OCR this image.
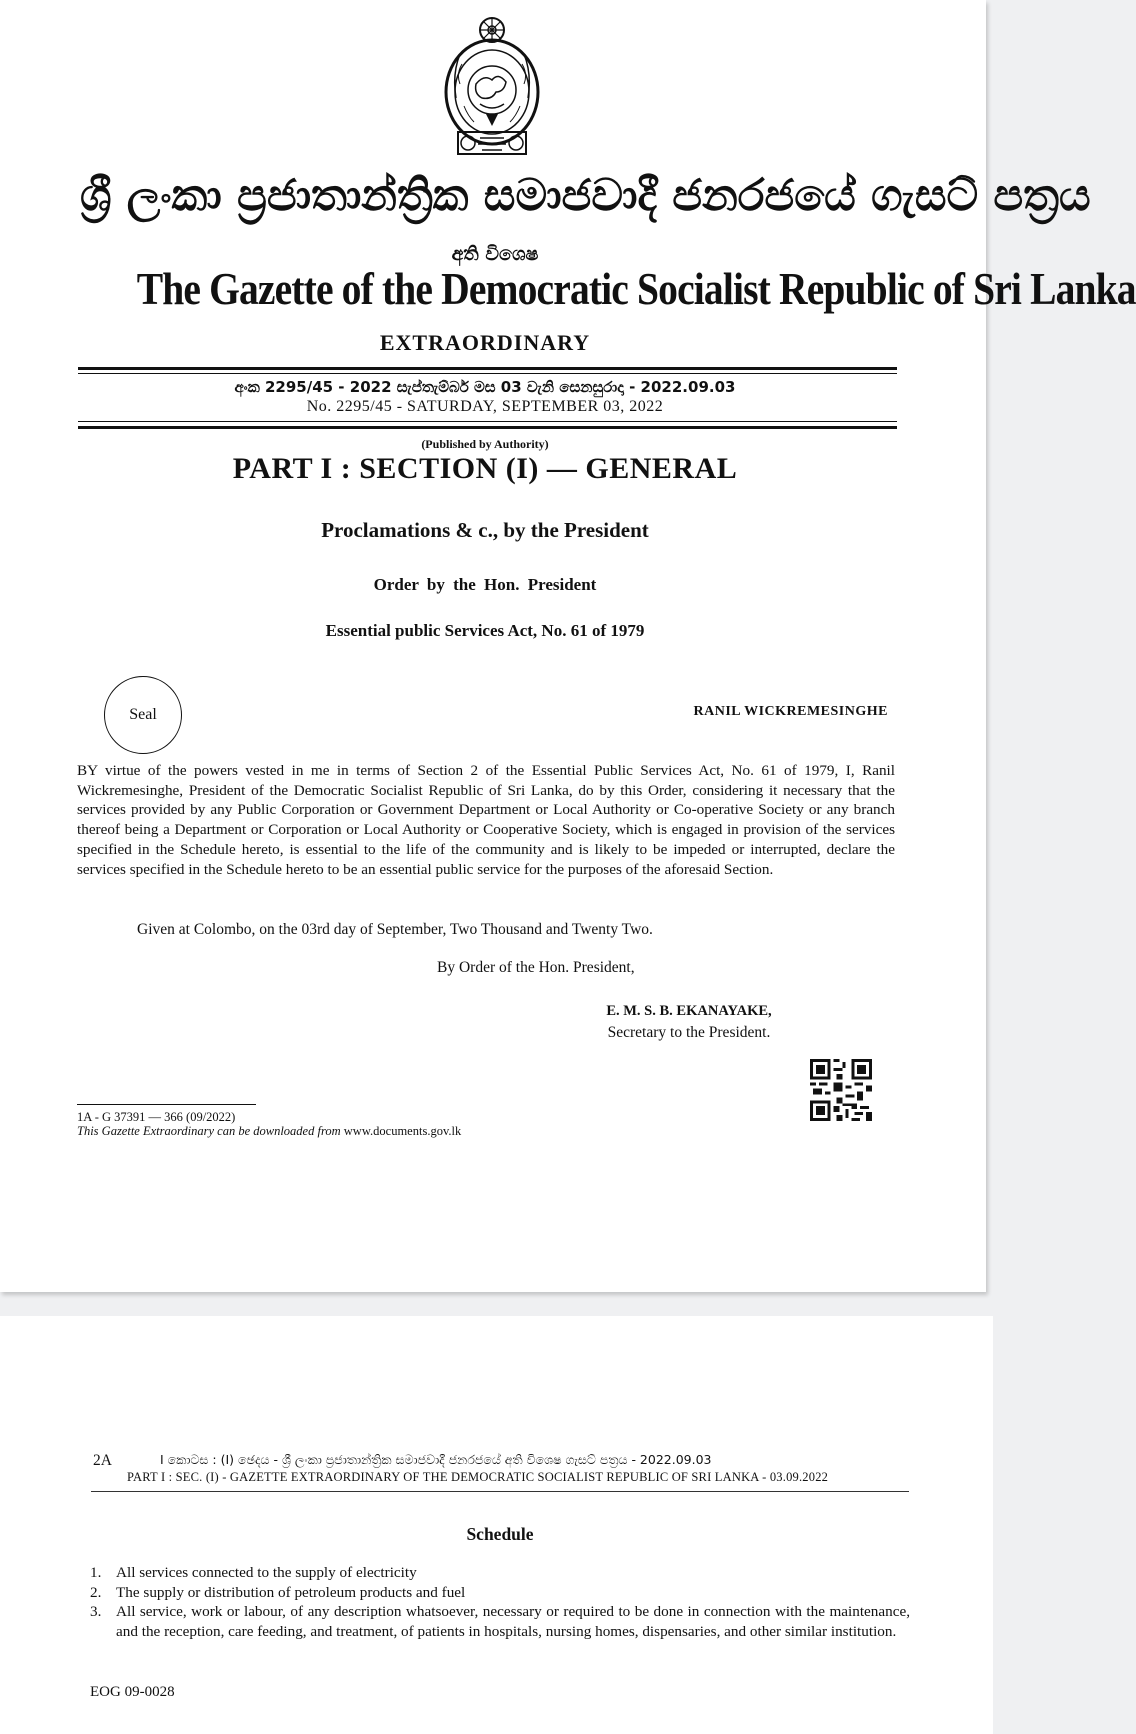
ශ්‍රී ලංකා ප්‍රජාතාන්ත්‍රික සමාජවාදී ජනරජයේ ගැසට් පත්‍රය
අති විශෙෂ
The Gazette of the Democratic Socialist Republic of Sri Lanka
EXTRAORDINARY
අංක 2295/45 - 2022 සැප්තැම්බර් මස 03 වැනි සෙනසුරාදා - 2022.09.03
No. 2295/45 - SATURDAY, SEPTEMBER 03, 2022
(Published by Authority)
PART I : SECTION (I) — GENERAL
Proclamations & c., by the President
Order by the Hon. President
Essential public Services Act, No. 61 of 1979
Seal	RANIL WICKREMESINGHE
BY virtue of the powers vested in me in terms of Section 2 of the Essential Public Services Act, No. 61 of 1979, I, Ranil Wickremesinghe, President of the Democratic Socialist Republic of Sri Lanka, do by this Order, considering it necessary that the services provided by any Public Corporation or Government Department or Local Authority or Co-operative Society or any branch thereof being a Department or Corporation or Local Authority or Cooperative Society, which is engaged in provision of the services specified in the Schedule hereto, is essential to the life of the community and is likely to be impeded or interrupted, declare the services specified in the Schedule hereto to be an essential public service for the purposes of the aforesaid Section.
Given at Colombo, on the 03rd day of September, Two Thousand and Twenty Two.
By Order of the Hon. President,
E. M. S. B. EKANAYAKE,
Secretary to the President.
1A - G 37391 — 366 (09/2022)
This Gazette Extraordinary can be downloaded from www.documents.gov.lk
2A	I කොටස : (I) ඡෙදය - ශ්‍රී ලංකා ප්‍රජාතාන්ත්‍රික සමාජවාදී ජනරජයේ අති විශෙෂ ගැසට් පත්‍රය - 2022.09.03
PART I : SEC. (I) - GAZETTE EXTRAORDINARY OF THE DEMOCRATIC SOCIALIST REPUBLIC OF SRI LANKA - 03.09.2022
Schedule
1. All services connected to the supply of electricity
2. The supply or distribution of petroleum products and fuel
3. All service, work or labour, of any description whatsoever, necessary or required to be done in connection with the maintenance, and the reception, care feeding, and treatment, of patients in hospitals, nursing homes, dispensaries, and other similar institution.
EOG 09-0028
